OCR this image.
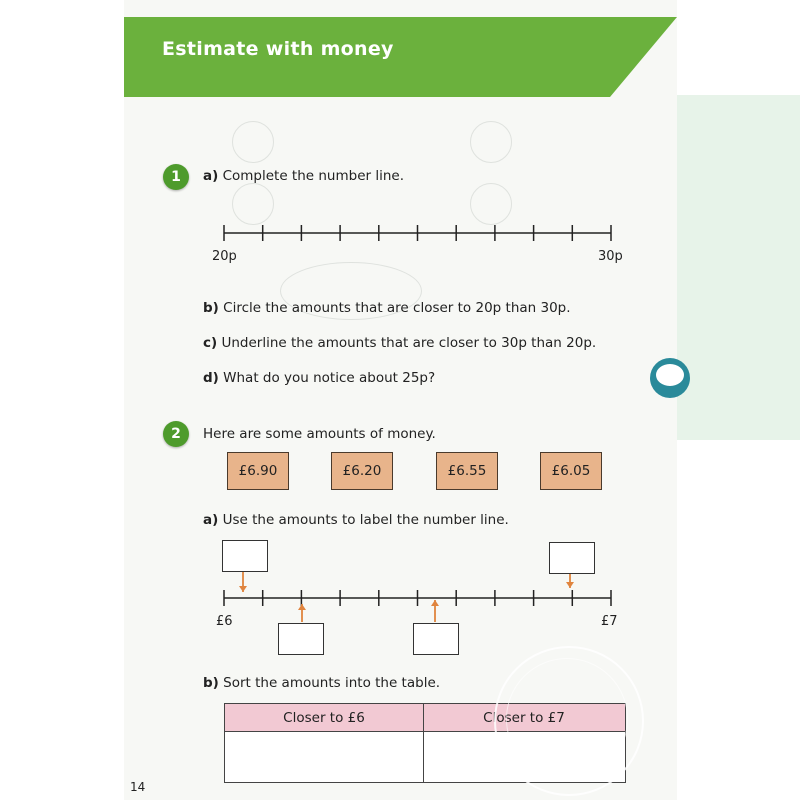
Estimate with money
1	a) Complete the number line.
20p	30p
b) Circle the amounts that are closer to 20p than 30p.
c) Underline the amounts that are closer to 30p than 20p.
d) What do you notice about 25p?
2	Here are some amounts of money.
£6.90	£6.20	£6.55	£6.05
a) Use the amounts to label the number line.
£6	£7
b) Sort the amounts into the table.
Closer to £6	Closer to £7
14
